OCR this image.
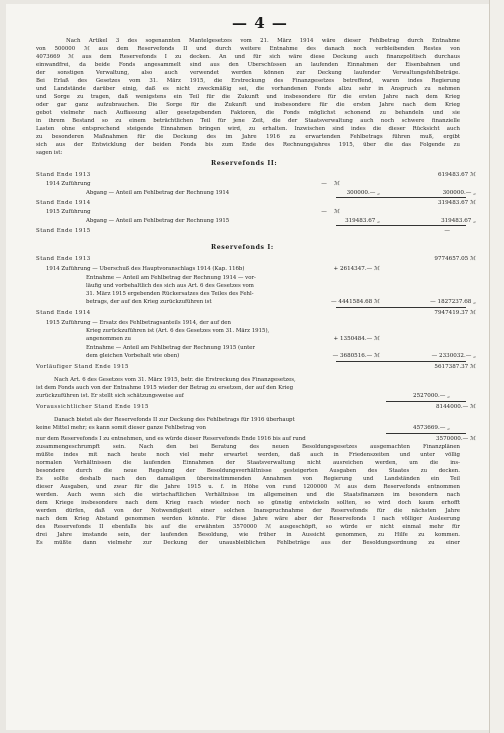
— 4 —
Nach Artikel 3 des sogenannten Mantelgesetzes vom 21. März 1914 wäre dieser Fehlbetrag durch Entnahme
von 500000 ℳ aus dem Reservefonds II und durch weitere Entnahme des danach noch verbleibenden Restes von
4073669 ℳ aus dem Reservefonds I zu decken. An und für sich wäre diese Deckung auch finanzpolitisch durchaus
einwandfrei, da beide Fonds angesammelt sind aus den Überschüssen an laufenden Einnahmen der Eisenbahnen und
der sonstigen Verwaltung, also auch verwendet werden können zur Deckung laufender Verwaltungsfehlbeträge.
Bei Erlaß des Gesetzes vom 31. März 1915, die Erstreckung des Finanzgesetzes betreffend, waren indes Regierung
und Landstände darüber einig, daß es nicht zweckmäßig sei, die vorhandenen Fonds allzu sehr in Anspruch zu nehmen
und Sorge zu tragen, daß wenigstens ein Teil für die Zukunft und insbesondere für die ersten Jahre nach dem Krieg
oder gar ganz aufzubrauchen. Die Sorge für die Zukunft und insbesondere für die ersten Jahre nach dem Krieg
gebot vielmehr nach Auffassung aller gesetzgebenden Faktoren, die Fonds möglichst schonend zu behandeln und sie
in ihrem Bestand so zu einem beträchtlichen Teil für jene Zeit, die der Staatsverwaltung auch noch schwere finanzielle
Lasten ohne entsprechend steigende Einnahmen bringen wird, zu erhalten. Inzwischen sind indes die dieser Rücksicht auch
zu besonderen Maßnahmen für die Deckung des im Jahre 1916 zu erwartenden Fehlbetrags führen muß, ergibt
sich aus der Entwicklung der beiden Fonds bis zum Ende des Rechnungsjahres 1915, über die das Folgende zu
sagen ist:
Reservefonds II:
Stand Ende 1913	619483.67 ℳ
1914 Zuführung	—    ℳ
Abgang — Anteil am Fehlbetrag der Rechnung 1914	300000.— „	300000.— „
Stand Ende 1914	319483.67 ℳ
1915 Zuführung	—    ℳ
Abgang — Anteil am Fehlbetrag der Rechnung 1915	319483.67 „	319483.67 „
Stand Ende 1915	—
Reservefonds I:
Stand Ende 1913	9774657.05 ℳ
1914 Zuführung — Überschuß des Hauptvoranschlags 1914 (Kap. 116b)	+ 2614347.— ℳ
Entnahme — Anteil am Fehlbetrag der Rechnung 1914 — vor-
läufig und vorbehaltlich des sich aus Art. 6 des Gesetzes vom
31. März 1915 ergebenden Rückersatzes des Teiles des Fehl-
betrags, der auf den Krieg zurückzuführen ist	— 4441584.68 ℳ	— 1827237.68 „
Stand Ende 1914	7947419.37 ℳ
1915 Zuführung — Ersatz des Fehlbetragsanteils 1914, der auf den
Krieg zurückzuführen ist (Art. 6 des Gesetzes vom 31. März 1915),
angenommen zu	+ 1350484.— ℳ
Entnahme — Anteil am Fehlbetrag der Rechnung 1915 (unter
dem gleichen Vorbehalt wie oben)	— 3680516.— ℳ	— 2330032.— „
Vorläufiger Stand Ende 1915	5617387.37 ℳ
Nach Art. 6 des Gesetzes vom 31. März 1915, betr. die Erstreckung des Finanzgesetzes,
ist dem Fonds auch von der Entnahme 1915 wieder der Betrag zu ersetzen, der auf den Krieg
zurückzuführen ist. Er stellt sich schätzungsweise auf	2527000.— „
Voraussichtlicher Stand Ende 1915	8144000.— ℳ
Danach bietet als der Reservefonds II zur Deckung des Fehlbetrags für 1916 überhaupt
keine Mittel mehr; es kann somit dieser ganze Fehlbetrag von	4573669.— „
nur dem Reservefonds I zu entnehmen, und es würde dieser Reservefonds Ende 1916 bis auf rund	3570000.— ℳ
zusammengeschrumpft sein. Nach den bei Beratung des neuen Besoldungsgesetzes ausgemachten Finanzplänen
müßte indes mit nach heute noch viel mehr erwartet werden, daß auch in Friedenszeiten und unter völlig
normalen Verhältnissen die laufenden Einnahmen der Staatsverwaltung nicht ausreichen werden, um die ins-
besondere durch die neue Regelung der Besoldungsverhältnisse gesteigerten Ausgaben des Staates zu decken.
Es sollte deshalb nach den damaligen übereinstimmenden Annahmen von Regierung und Landständen ein Teil
dieser Ausgaben, und zwar für die Jahre 1915 u. f. in Höhe von rund 1200000 ℳ aus dem Reservefonds entnommen
werden. Auch wenn sich die wirtschaftlichen Verhältnisse im allgemeinen und die Staatsfinanzen im besondern nach
dem Kriege insbesondere nach dem Krieg rasch wieder noch so günstig entwickeln sollten, so wird doch kaum erhofft
werden dürfen, daß von der Notwendigkeit einer solchen Inanspruchnahme der Reservefonds für die nächsten Jahre
nach dem Krieg Abstand genommen werden könnte. Für diese Jahre wäre aber der Reservefonds I nach völliger Ausleerung
des Reservefonds II ebenfalls bis auf die erwähnten 3570000 ℳ ausgeschöpft, so würde er nicht einmal mehr für
drei Jahre imstande sein, der laufenden Besoldung, wie früher in Aussicht genommen, zu Hilfe zu kommen.
Es müßte dann vielmehr zur Deckung der unausbleiblichen Fehlbeträge aus der Besoldungsordnung zu einer
